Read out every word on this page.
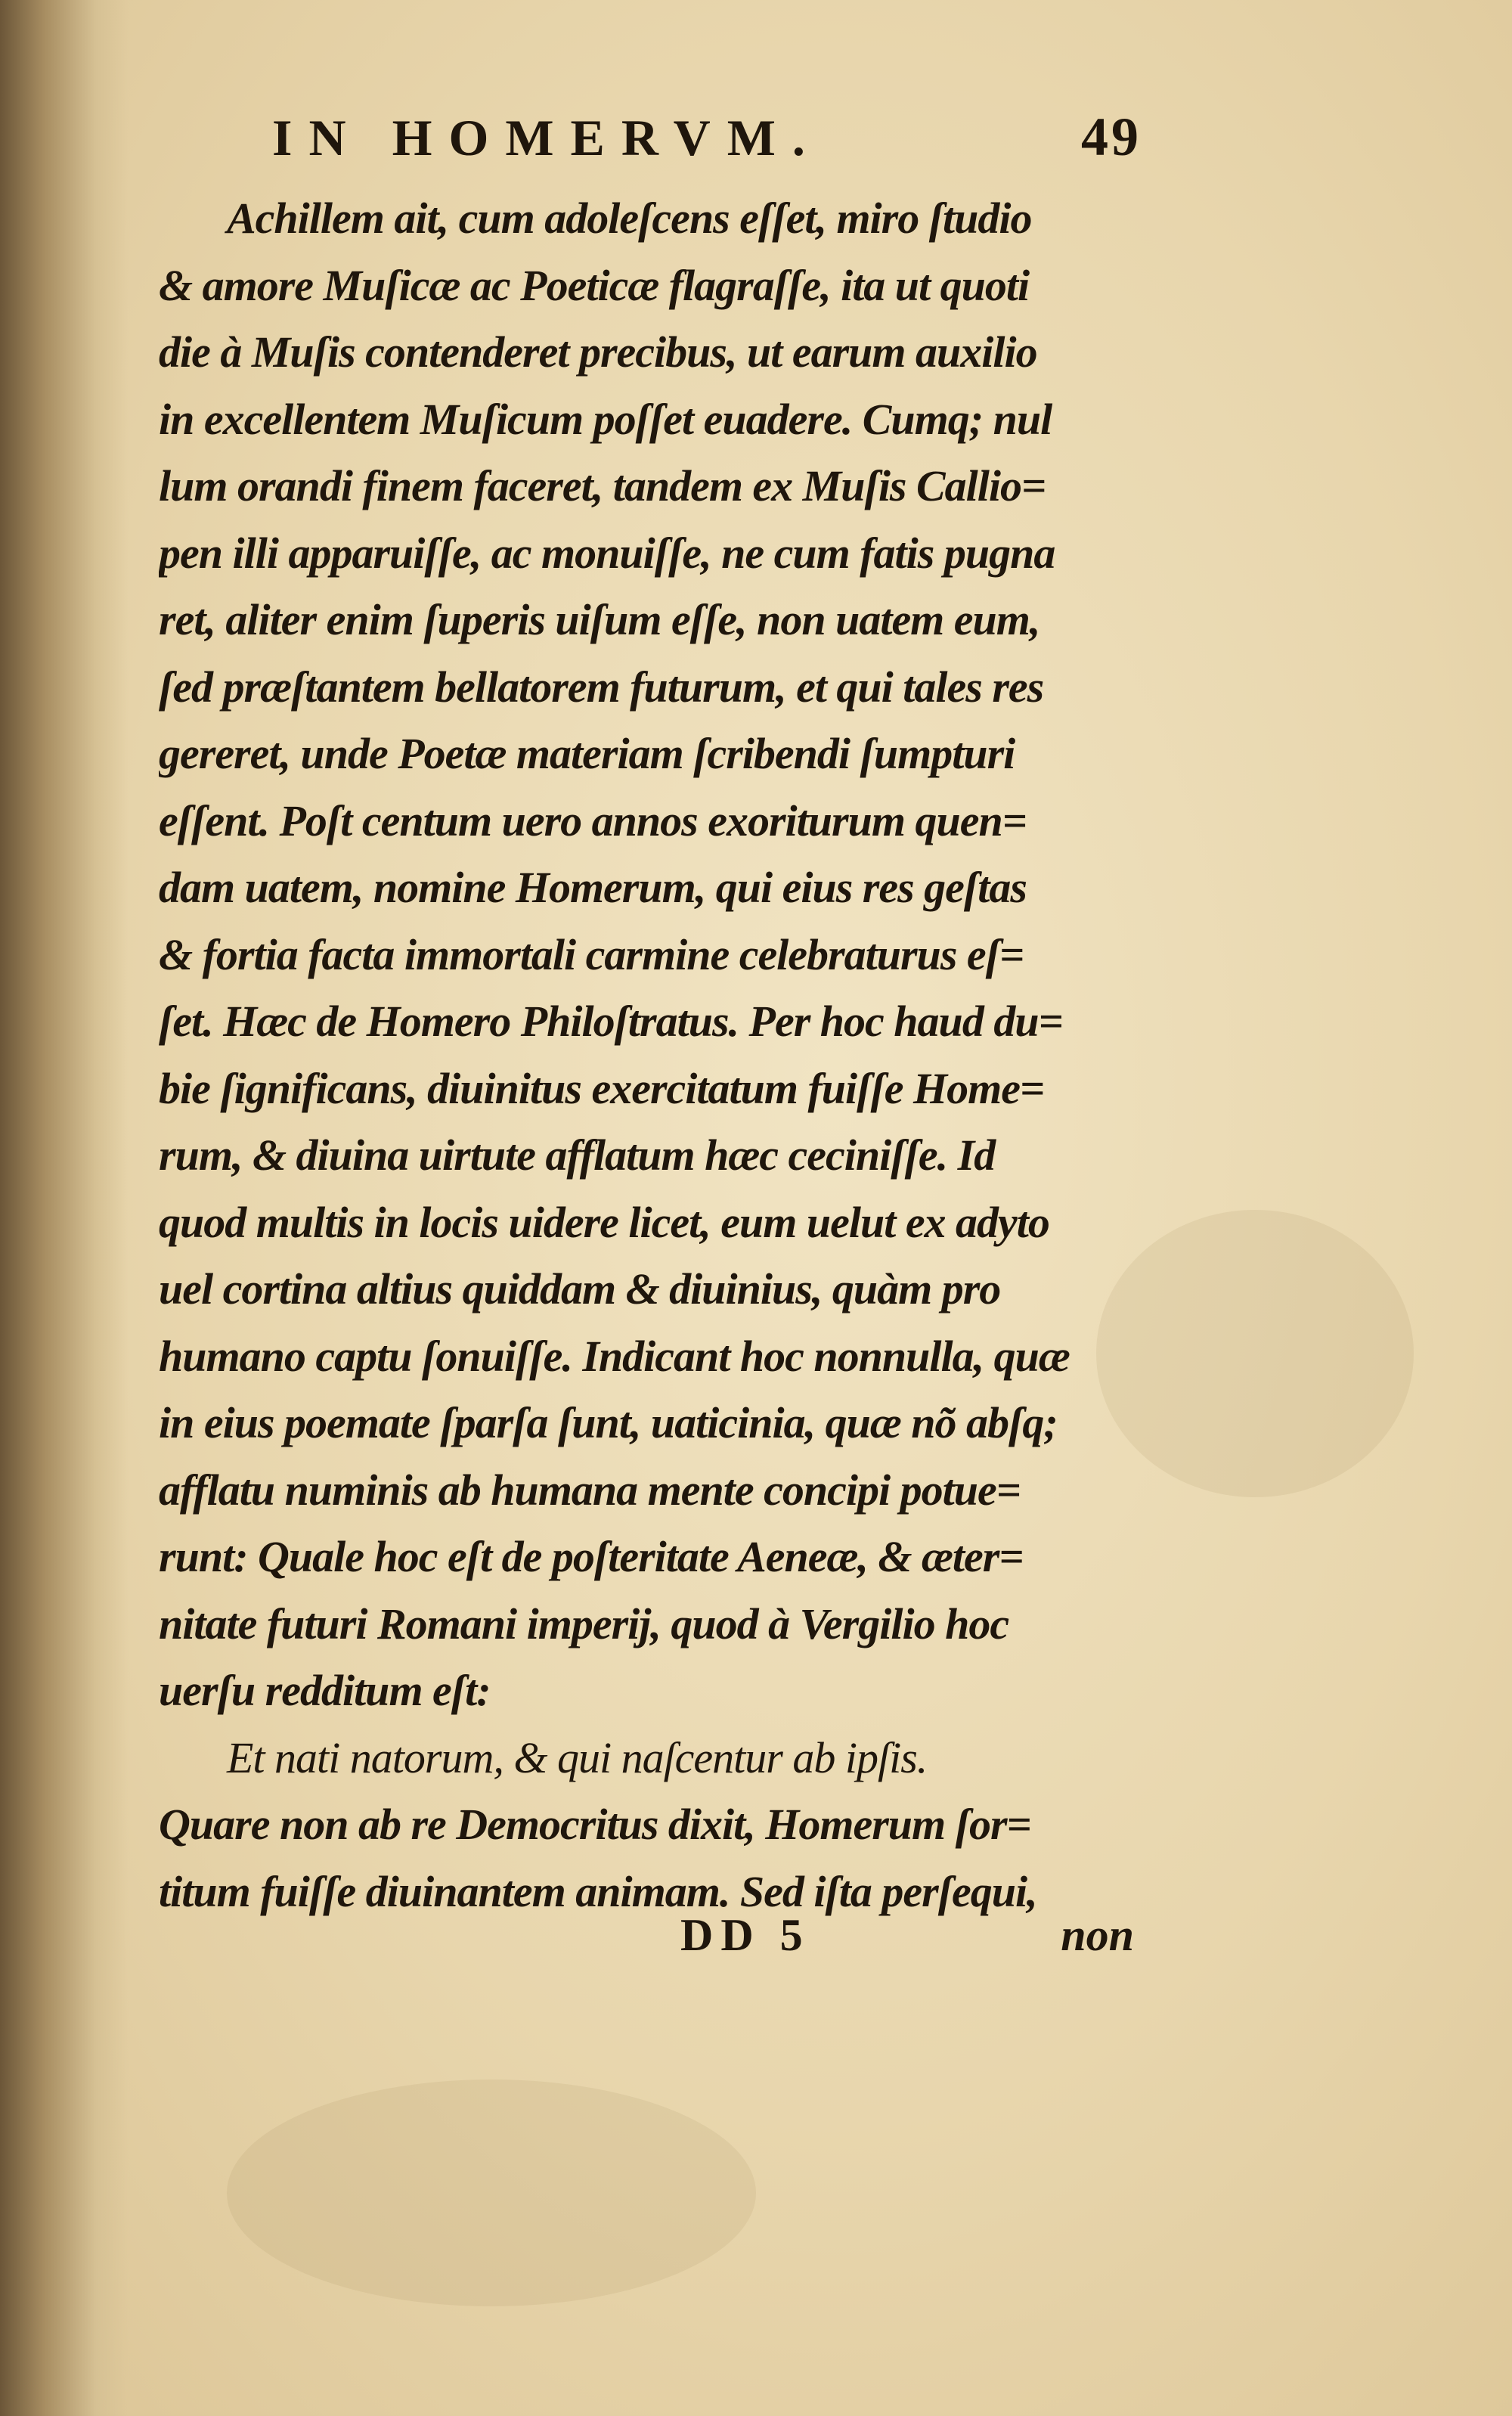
IN HOMERVM.	49
Achillem ait, cum adoleſcens eſſet, miro ſtudio
& amore Muſicæ ac Poeticæ flagraſſe, ita ut quoti
die à Muſis contenderet precibus, ut earum auxilio
in excellentem Muſicum poſſet euadere. Cumq; nul
lum orandi finem faceret, tandem ex Muſis Callio=
pen illi apparuiſſe, ac monuiſſe, ne cum fatis pugna
ret, aliter enim ſuperis uiſum eſſe, non uatem eum,
ſed præſtantem bellatorem futurum, et qui tales res
gereret, unde Poetæ materiam ſcribendi ſumpturi
eſſent. Poſt centum uero annos exoriturum quen=
dam uatem, nomine Homerum, qui eius res geſtas
& fortia facta immortali carmine celebraturus eſ=
ſet. Hæc de Homero Philoſtratus. Per hoc haud du=
bie ſignificans, diuinitus exercitatum fuiſſe Home=
rum, & diuina uirtute afflatum hæc ceciniſſe. Id
quod multis in locis uidere licet, eum uelut ex adyto
uel cortina altius quiddam & diuinius, quàm pro
humano captu ſonuiſſe. Indicant hoc nonnulla, quæ
in eius poemate ſparſa ſunt, uaticinia, quæ nõ abſq;
afflatu numinis ab humana mente concipi potue=
runt: Quale hoc eſt de poſteritate Aeneæ, & æter=
nitate futuri Romani imperij, quod à Vergilio hoc
uerſu redditum eſt:
Et nati natorum, & qui naſcentur ab ipſis.
Quare non ab re Democritus dixit, Homerum ſor=
titum fuiſſe diuinantem animam. Sed iſta perſequi,
DD 5	non
